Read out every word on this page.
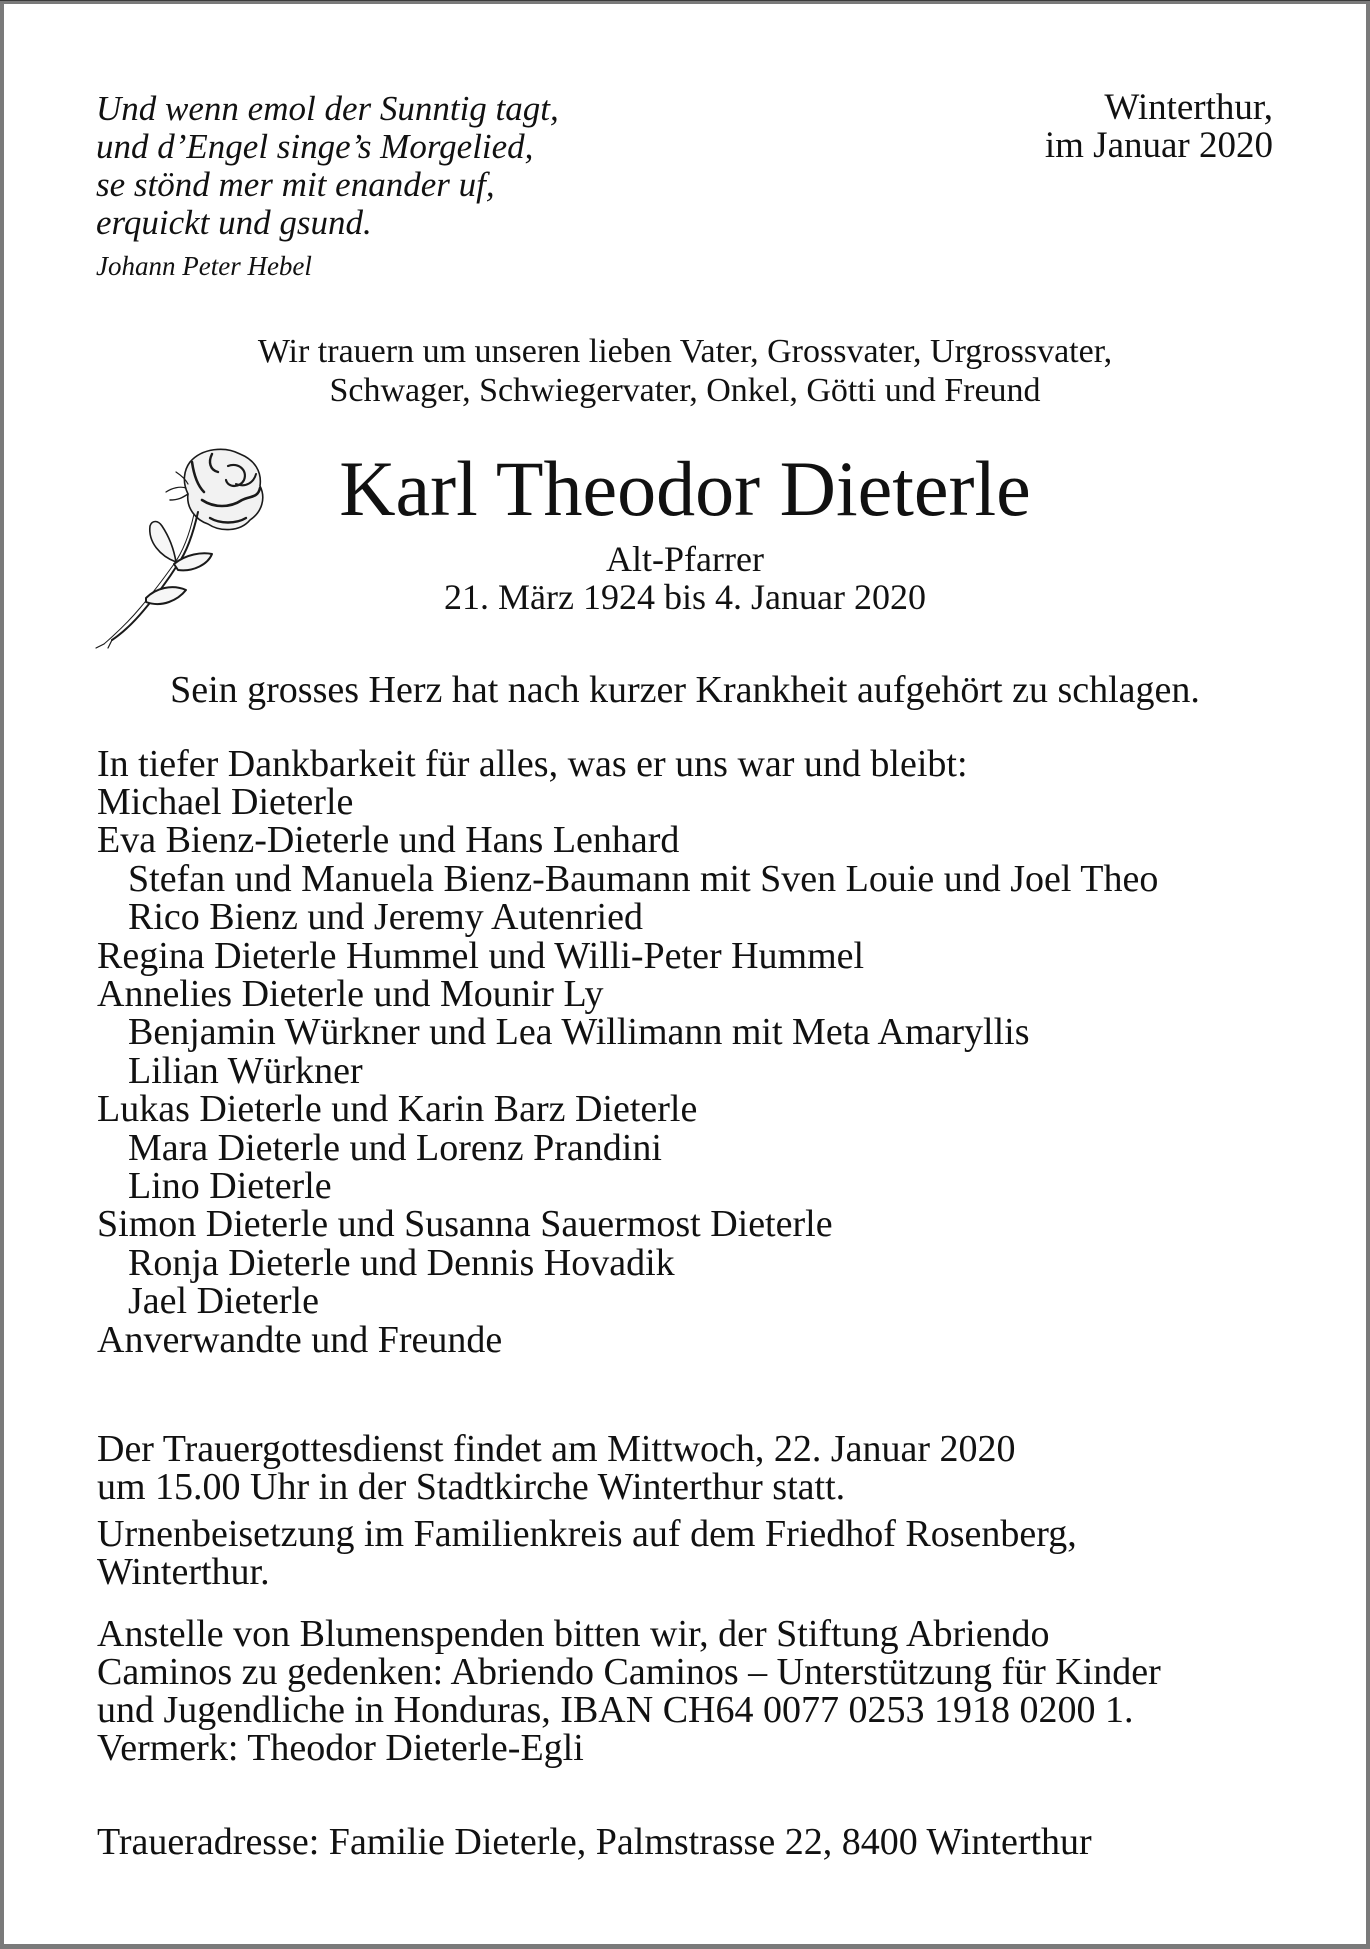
Und wenn emol der Sunntig tagt,
und d’Engel singe’s Morgelied,
se stönd mer mit enander uf,
erquickt und gsund.
Johann Peter Hebel
Winterthur,
im Januar 2020
Wir trauern um unseren lieben Vater, Grossvater, Urgrossvater,
Schwager, Schwiegervater, Onkel, Götti und Freund
Karl Theodor Dieterle
Alt-Pfarrer
21. März 1924 bis 4. Januar 2020
Sein grosses Herz hat nach kurzer Krankheit aufgehört zu schlagen.
In tiefer Dankbarkeit für alles, was er uns war und bleibt:
Michael Dieterle
Eva Bienz-Dieterle und Hans Lenhard
Stefan und Manuela Bienz-Baumann mit Sven Louie und Joel Theo
Rico Bienz und Jeremy Autenried
Regina Dieterle Hummel und Willi-Peter Hummel
Annelies Dieterle und Mounir Ly
Benjamin Würkner und Lea Willimann mit Meta Amaryllis
Lilian Würkner
Lukas Dieterle und Karin Barz Dieterle
Mara Dieterle und Lorenz Prandini
Lino Dieterle
Simon Dieterle und Susanna Sauermost Dieterle
Ronja Dieterle und Dennis Hovadik
Jael Dieterle
Anverwandte und Freunde
Der Trauergottesdienst findet am Mittwoch, 22. Januar 2020
um 15.00 Uhr in der Stadtkirche Winterthur statt.
Urnenbeisetzung im Familienkreis auf dem Friedhof Rosenberg,
Winterthur.
Anstelle von Blumenspenden bitten wir, der Stiftung Abriendo
Caminos zu gedenken: Abriendo Caminos – Unterstützung für Kinder
und Jugendliche in Honduras, IBAN CH64 0077 0253 1918 0200 1.
Vermerk: Theodor Dieterle-Egli
Traueradresse: Familie Dieterle, Palmstrasse 22, 8400 Winterthur
